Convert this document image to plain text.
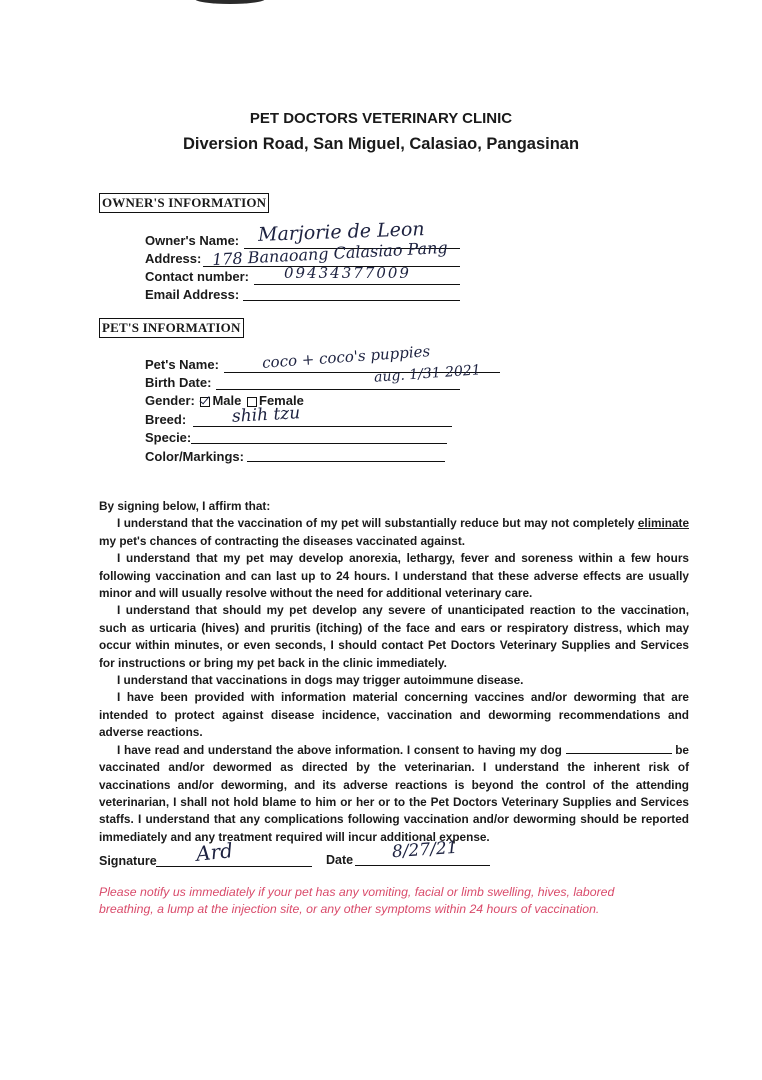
PET DOCTORS VETERINARY CLINIC
Diversion Road, San Miguel, Calasiao, Pangasinan
OWNER'S INFORMATION
Owner's Name: Marjorie de Leon
Address: 178 Banaoang Calasiao Pang
Contact number: 09434377009
Email Address:
PET'S INFORMATION
Pet's Name:	coco + coco's puppies
Birth Date:	aug. 1/31 2021
Gender: Male Female
Breed:	shih tzu
Specie:
Color/Markings:

By signing below, I affirm that:

I understand that the vaccination of my pet will substantially reduce but may not completely eliminate my pet's chances of contracting the diseases vaccinated against.

I understand that my pet may develop anorexia, lethargy, fever and soreness within a few hours following vaccination and can last up to 24 hours. I understand that these adverse effects are usually minor and will usually resolve without the need for additional veterinary care.

I understand that should my pet develop any severe of unanticipated reaction to the vaccination, such as urticaria (hives) and pruritis (itching) of the face and ears or respiratory distress, which may occur within minutes, or even seconds, I should contact Pet Doctors Veterinary Supplies and Services for instructions or bring my pet back in the clinic immediately.

I understand that vaccinations in dogs may trigger autoimmune disease.

I have been provided with information material concerning vaccines and/or deworming that are intended to protect against disease incidence, vaccination and deworming recommendations and adverse reactions.

I have read and understand the above information. I consent to having my dog	be vaccinated and/or dewormed as directed by the veterinarian. I understand the inherent risk of vaccinations and/or deworming, and its adverse reactions is beyond the control of the attending veterinarian, I shall not hold blame to him or her or to the Pet Doctors Veterinary Supplies and Services staffs. I understand that any complications following vaccination and/or deworming should be reported immediately and any treatment required will incur additional expense.

Signature Ard	Date 8/27/21
Please notify us immediately if your pet has any vomiting, facial or limb swelling, hives, labored breathing, a lump at the injection site, or any other symptoms within 24 hours of vaccination.
